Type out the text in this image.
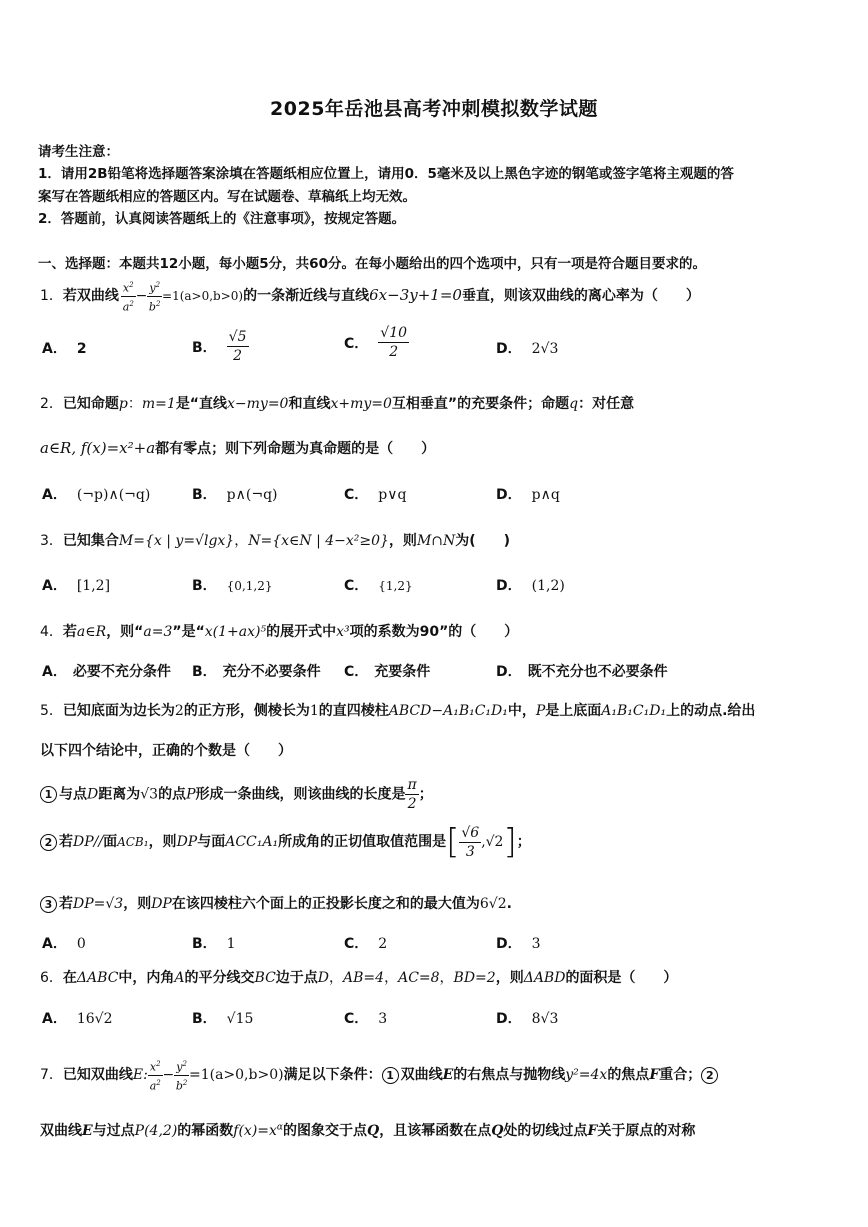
2025年岳池县高考冲刺模拟数学试题
请考生注意：
1．请用2B铅笔将选择题答案涂填在答题纸相应位置上，请用0．5毫米及以上黑色字迹的钢笔或签字笔将主观题的答
案写在答题纸相应的答题区内。写在试题卷、草稿纸上均无效。
2．答题前，认真阅读答题纸上的《注意事项》，按规定答题。
一、选择题：本题共12小题，每小题5分，共60分。在每小题给出的四个选项中，只有一项是符合题目要求的。
1．若双曲线 $\frac{x^2}{a^2} - \frac{y^2}{b^2} =1(a>0,b>0)$的一条渐近线与直线6x−3y+1=0垂直，则该双曲线的离心率为（　　）
A． 2	B． $\frac{√5}{2}$	C． $\frac{√10}{2}$	D． 2√3
2．已知命题p：m=1是“直线x−my=0和直线x+my=0互相垂直”的充要条件；命题q：对任意
a∈R, f(x)=x²+a都有零点；则下列命题为真命题的是（　　）
A． (¬p)∧(¬q)	B． p∧(¬q)	C． p∨q	D． p∧q
3．已知集合M={x | y=√lgx}，N={x∈N | 4−x²≥0}，则M∩N为(　　)
A． [1,2]	B． {0,1,2}	C． {1,2}	D． (1,2)
4．若a∈R，则“a=3”是“x(1+ax)⁵的展开式中x³项的系数为90”的（　　）
A． 必要不充分条件 B． 充分不必要条件 C． 充要条件	D． 既不充分也不必要条件
5．已知底面为边长为2的正方形，侧棱长为1的直四棱柱ABCD−A₁B₁C₁D₁中，P是上底面A₁B₁C₁D₁上的动点.给出
以下四个结论中，正确的个数是（　　）
1 与点D距离为√3的点P形成一条曲线，则该曲线的长度是 $\frac{\pi}{2}$ ；
2 若DP//面ACB₁，则DP与面ACC₁A₁所成角的正切值取值范围是[ $\frac{√6}{3} ,√2$]；
3 若DP=√3，则DP在该四棱柱六个面上的正投影长度之和的最大值为6√2.
A． 0	B． 1	C． 2	D． 3
6．在ΔABC中，内角A的平分线交BC边于点D，AB=4，AC=8，BD=2，则ΔABD的面积是（　　）
A． 16√2	B． √15	C． 3	D． 8√3
7．已知双曲线E: $\frac{x^2}{a^2} - \frac{y^2}{b^2} =1(a>0,b>0)$满足以下条件： 1 双曲线E的右焦点与抛物线y²=4x的焦点F重合； 2
双曲线E与过点P(4,2)的幂函数$f(x)=x^\alpha$的图象交于点Q，且该幂函数在点Q处的切线过点F关于原点的对称
